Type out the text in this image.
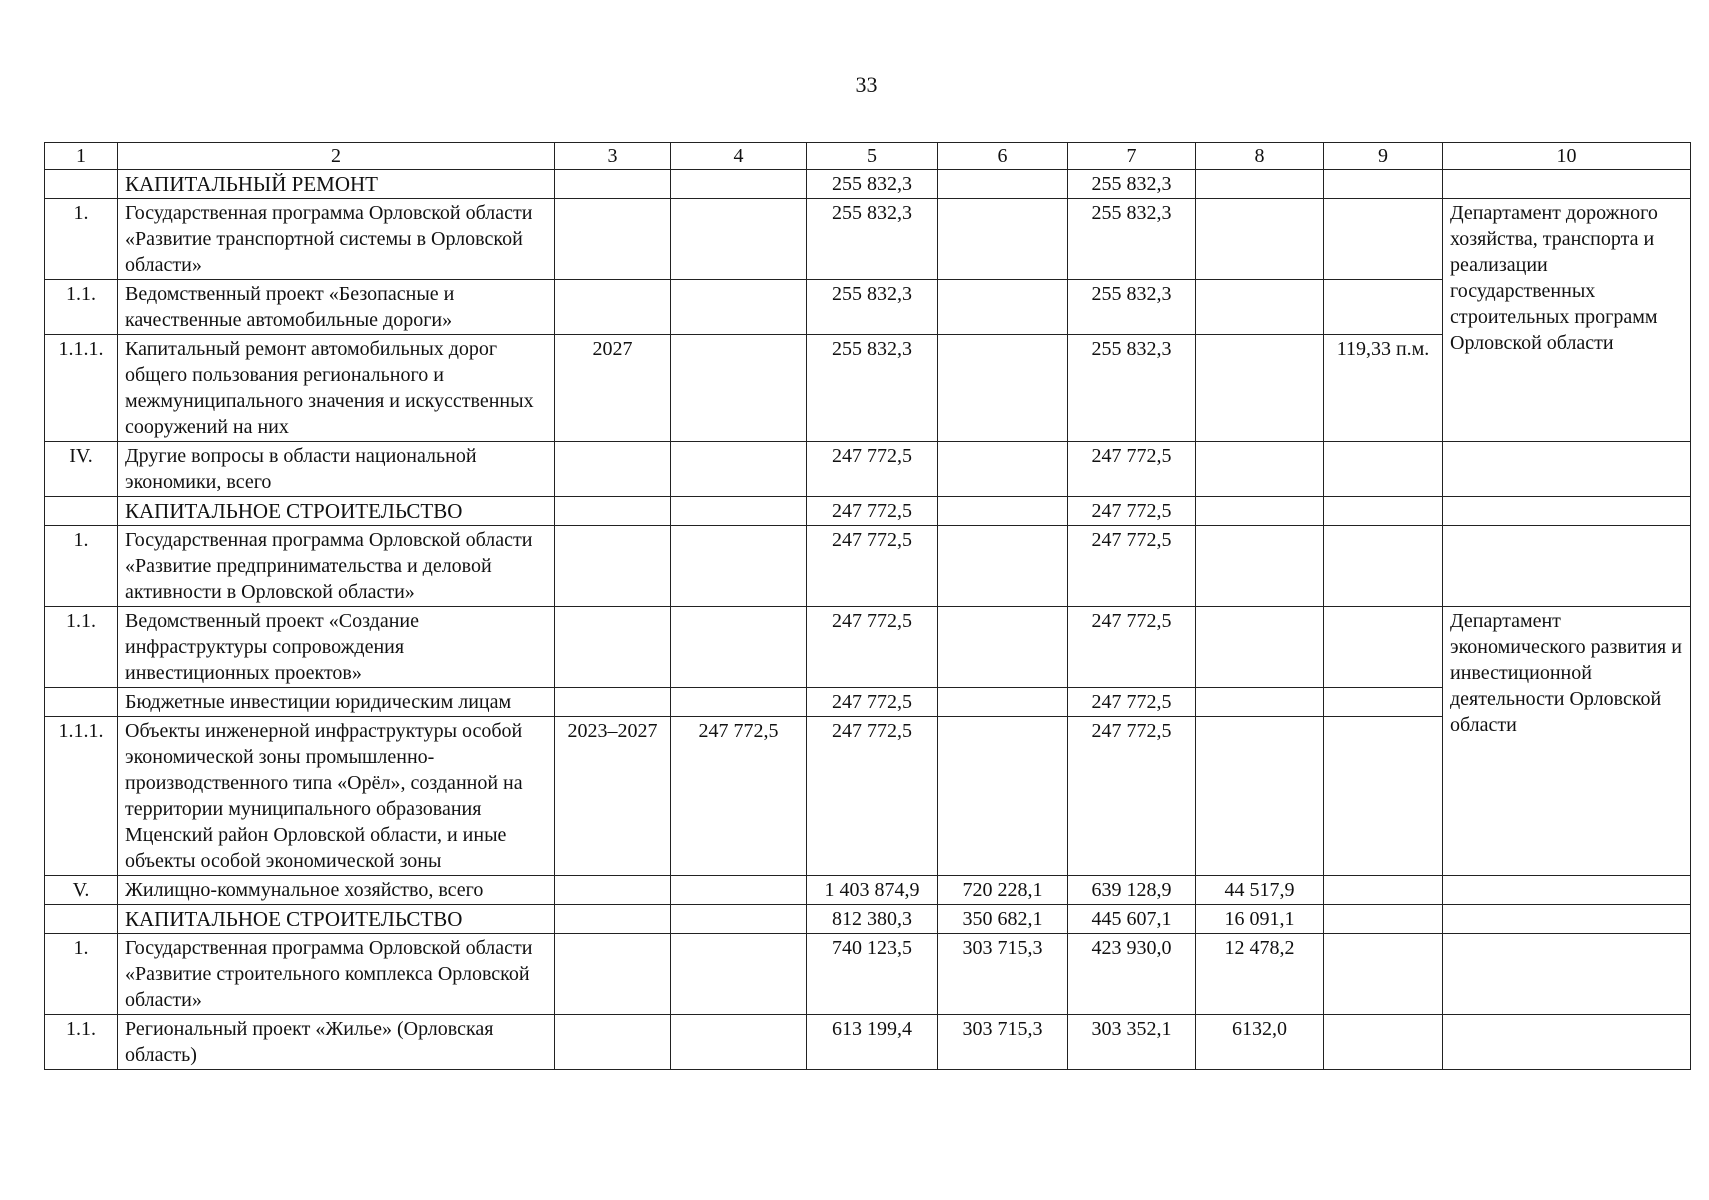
33
1	2	3	4	5	6	7	8	9	10
	КАПИТАЛЬНЫЙ РЕМОНТ			255 832,3		255 832,3			
1.	Государственная программа Орловской области «Развитие транспортной системы в Орловской области»			255 832,3		255 832,3			Департамент дорожного хозяйства, транспорта и реализации государственных строительных программ Орловской области
1.1.	Ведомственный проект «Безопасные и качественные автомобильные дороги»			255 832,3		255 832,3			
1.1.1.	Капитальный ремонт автомобильных дорог общего пользования регионального и межмуниципального значения и искусственных сооружений на них	2027		255 832,3		255 832,3		119,33 п.м.	
IV.	Другие вопросы в области национальной экономики, всего			247 772,5		247 772,5			
	КАПИТАЛЬНОЕ СТРОИТЕЛЬСТВО			247 772,5		247 772,5			
1.	Государственная программа Орловской области «Развитие предпринимательства и деловой активности в Орловской области»			247 772,5		247 772,5			
1.1.	Ведомственный проект «Создание инфраструктуры сопровождения инвестиционных проектов»			247 772,5		247 772,5			Департамент экономического развития и инвестиционной деятельности Орловской области
	Бюджетные инвестиции юридическим лицам			247 772,5		247 772,5			
1.1.1.	Объекты инженерной инфраструктуры особой экономической зоны промышленно-производственного типа «Орёл», созданной на территории муниципального образования Мценский район Орловской области, и иные объекты особой экономической зоны	2023–2027	247 772,5	247 772,5		247 772,5			
V.	Жилищно-коммунальное хозяйство, всего			1 403 874,9	720 228,1	639 128,9	44 517,9		
	КАПИТАЛЬНОЕ СТРОИТЕЛЬСТВО			812 380,3	350 682,1	445 607,1	16 091,1		
1.	Государственная программа Орловской области «Развитие строительного комплекса Орловской области»			740 123,5	303 715,3	423 930,0	12 478,2		
1.1.	Региональный проект «Жилье» (Орловская область)			613 199,4	303 715,3	303 352,1	6132,0		
